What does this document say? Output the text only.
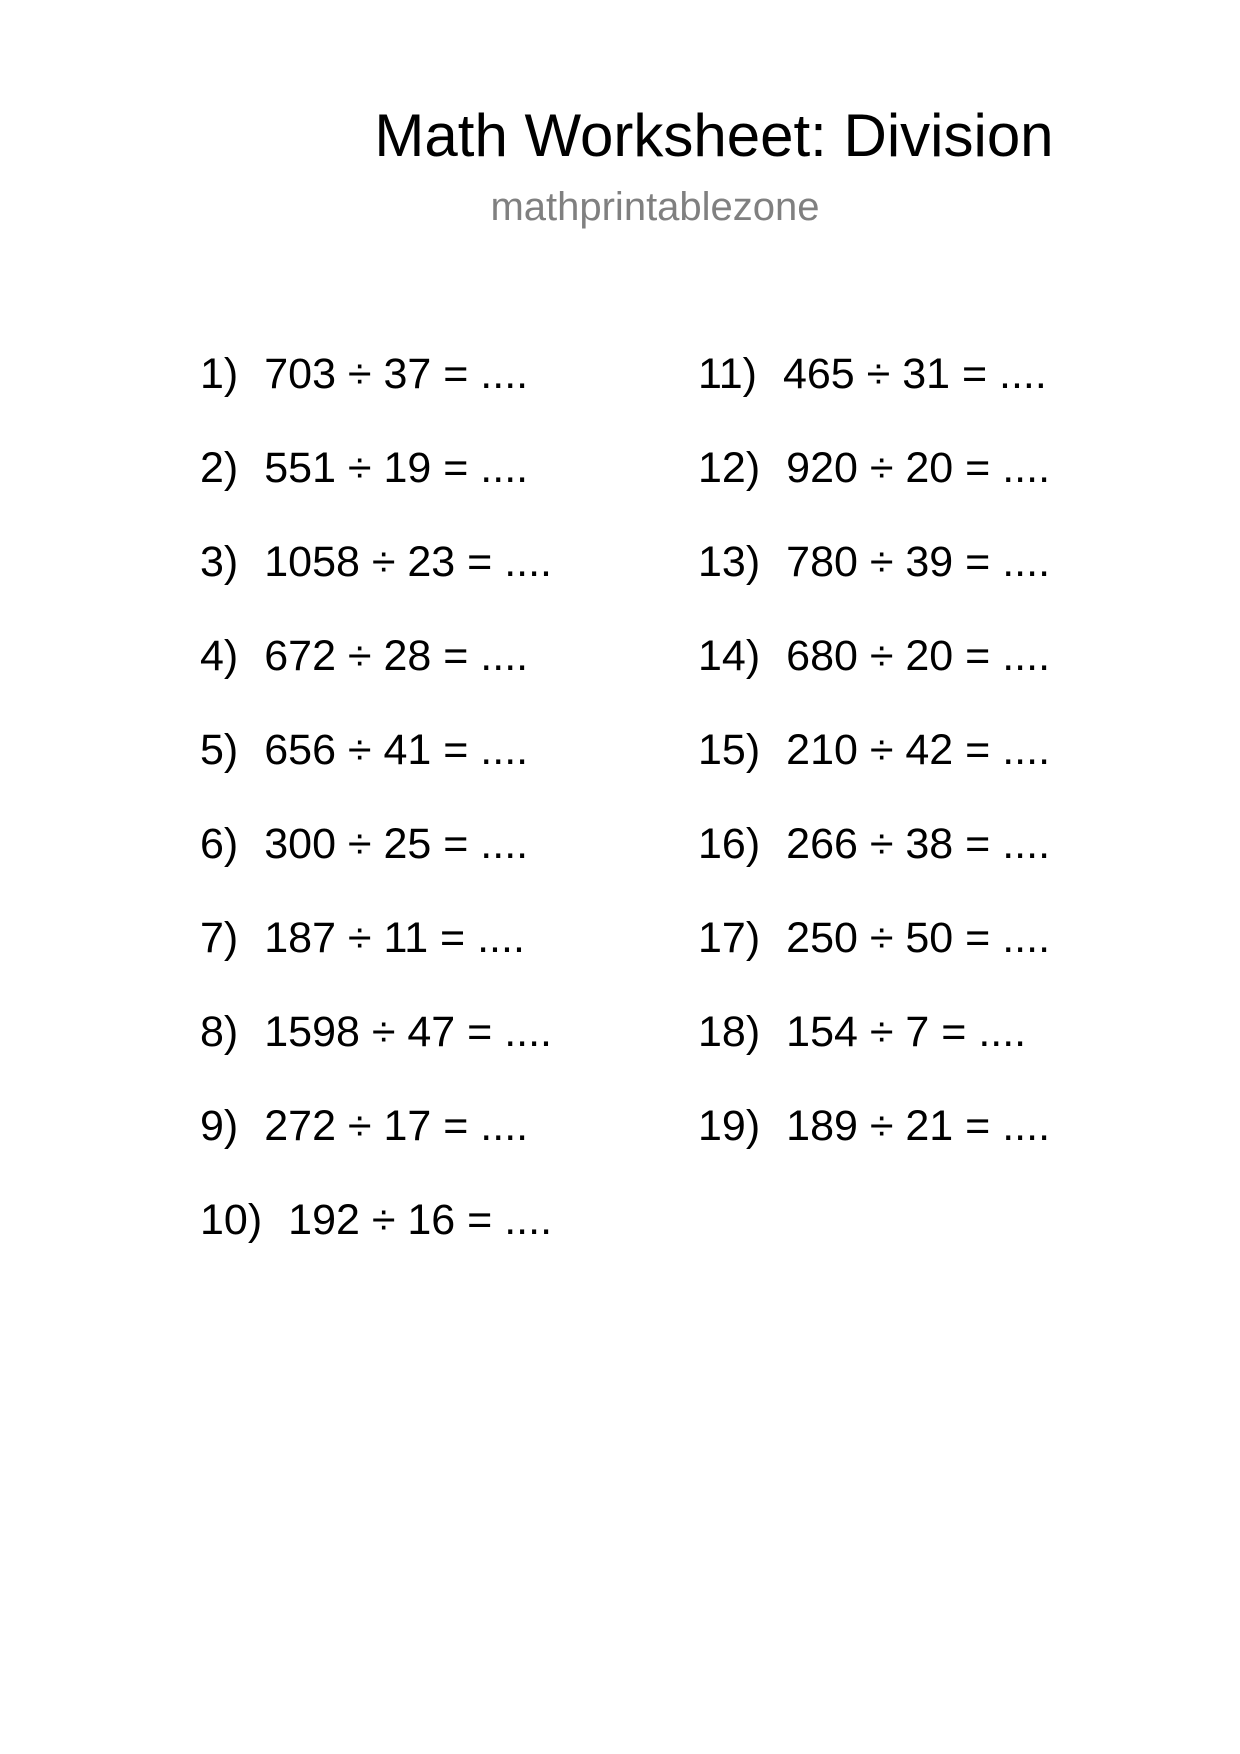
Math Worksheet: Division
mathprintablezone
1) 703 ÷ 37 = ....
2) 551 ÷ 19 = ....
3) 1058 ÷ 23 = ....
4) 672 ÷ 28 = ....
5) 656 ÷ 41 = ....
6) 300 ÷ 25 = ....
7) 187 ÷ 11 = ....
8) 1598 ÷ 47 = ....
9) 272 ÷ 17 = ....
10) 192 ÷ 16 = ....
11) 465 ÷ 31 = ....
12) 920 ÷ 20 = ....
13) 780 ÷ 39 = ....
14) 680 ÷ 20 = ....
15) 210 ÷ 42 = ....
16) 266 ÷ 38 = ....
17) 250 ÷ 50 = ....
18) 154 ÷ 7 = ....
19) 189 ÷ 21 = ....
